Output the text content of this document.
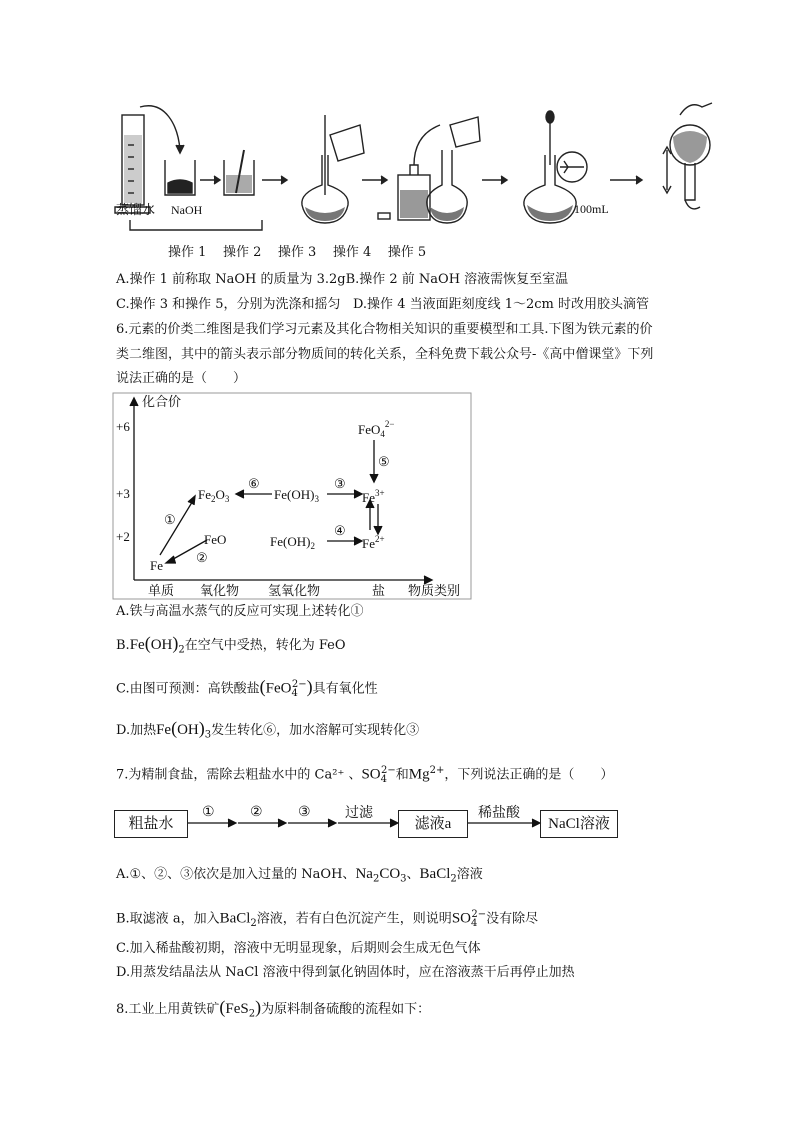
蒸馏水 NaOH	100mL
操作 1 操作 2 操作 3 操作 4 操作 5
A.操作 1 前称取 NaOH 的质量为 3.2gB.操作 2 前 NaOH 溶液需恢复至室温
C.操作 3 和操作 5，分别为洗涤和摇匀 D.操作 4 当液面距刻度线 1～2cm 时改用胶头滴管
6.元素的价类二维图是我们学习元素及其化合物相关知识的重要模型和工具.下图为铁元素的价
类二维图，其中的箭头表示部分物质间的转化关系，全科免费下载公众号-《高中僧课堂》下列
说法正确的是（　　）
化合价
+6
+3
+2
单质 氧化物 氢氧化物	盐 物质类别
Fe
FeO
$Fe_2O_3$	$Fe(OH)_3$
$Fe(OH)_2$
$Fe^{3+}$
$Fe^{2+}$
FeO$_4^{2-}$
①
②
③
④
⑤
⑥
A.铁与高温水蒸气的反应可实现上述转化①
$B.Fe(OH)_2$在空气中受热，转化为 FeO
C.由图可预测：高铁酸盐(FeO$_4^{2-}$)具有氧化性
D.加热$Fe(OH)_3$发生转化⑥，加水溶解可实现转化③
7.为精制食盐，需除去粗盐水中的 Ca²⁺ 、$SO_4^{2-}$和$Mg^{2+}$，下列说法正确的是（　　）
粗盐水
①	②	③ 过滤
滤液a
稀盐酸
NaCl溶液
A.①、②、③依次是加入过量的 NaOH、$Na_2CO_3$、BaCl$_2$溶液
B.取滤液 a，加入BaCl$_2$溶液，若有白色沉淀产生，则说明$SO_4^{2-}$没有除尽
C.加入稀盐酸初期，溶液中无明显现象，后期则会生成无色气体
D.用蒸发结晶法从 NaCl 溶液中得到氯化钠固体时，应在溶液蒸干后再停止加热
8.工业上用黄铁矿(FeS$_2$)为原料制备硫酸的流程如下：
